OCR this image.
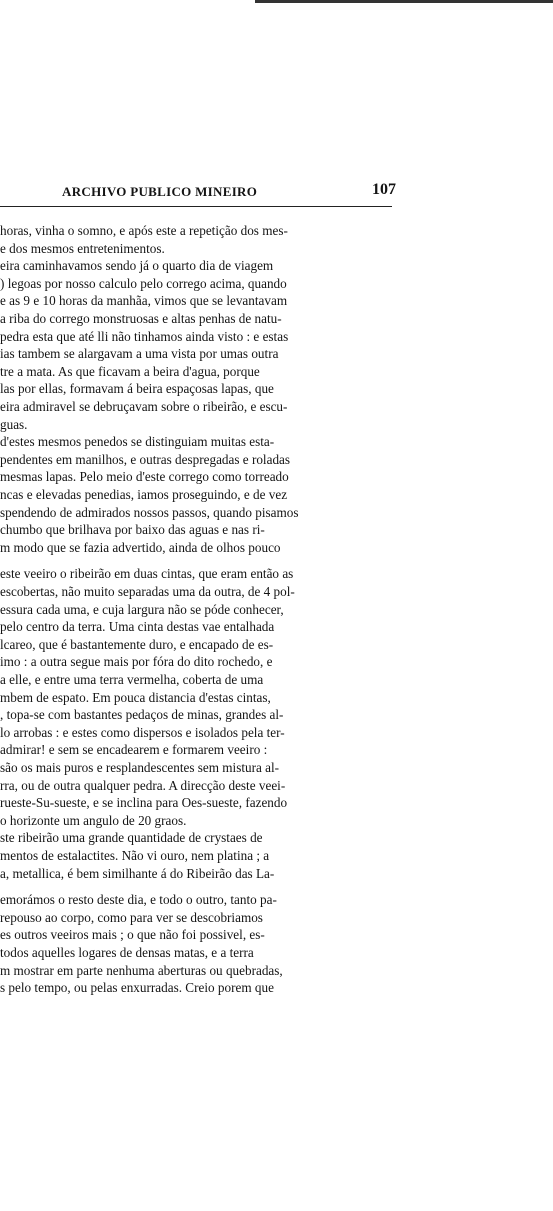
ARCHIVO PUBLICO MINEIRO	107
horas, vinha o somno, e após este a repetição dos mes-
e dos mesmos entretenimentos.
eira caminhavamos sendo já o quarto dia de viagem
) legoas por nosso calculo pelo corrego acima, quando
e as 9 e 10 horas da manhãa, vimos que se levantavam
a riba do corrego monstruosas e altas penhas de natu-
pedra esta que até lli não tinhamos ainda visto : e estas
ias tambem se alargavam a uma vista por umas outra
tre a mata. As que ficavam a beira d'agua, porque
las por ellas, formavam á beira espaçosas lapas, que
eira admiravel se debruçavam sobre o ribeirão, e escu-
guas.
d'estes mesmos penedos se distinguiam muitas esta-
pendentes em manilhos, e outras despregadas e roladas
mesmas lapas. Pelo meio d'este corrego como torreado
ncas e elevadas penedias, iamos proseguindo, e de vez
spendendo de admirados nossos passos, quando pisamos
chumbo que brilhava por baixo das aguas e nas ri-
m modo que se fazia advertido, ainda de olhos pouco
este veeiro o ribeirão em duas cintas, que eram então as
escobertas, não muito separadas uma da outra, de 4 pol-
essura cada uma, e cuja largura não se póde conhecer,
pelo centro da terra. Uma cinta destas vae entalhada
lcareo, que é bastantemente duro, e encapado de es-
imo : a outra segue mais por fóra do dito rochedo, e
a elle, e entre uma terra vermelha, coberta de uma
mbem de espato. Em pouca distancia d'estas cintas,
, topa-se com bastantes pedaços de minas, grandes al-
lo arrobas : e estes como dispersos e isolados pela ter-
admirar! e sem se encadearem e formarem veeiro :
são os mais puros e resplandescentes sem mistura al-
rra, ou de outra qualquer pedra. A direcção deste veei-
rueste-Su-sueste, e se inclina para Oes-sueste, fazendo
o horizonte um angulo de 20 graos.
ste ribeirão uma grande quantidade de crystaes de
mentos de estalactites. Não vi ouro, nem platina ; a
a, metallica, é bem similhante á do Ribeirão das La-
emorámos o resto deste dia, e todo o outro, tanto pa-
repouso ao corpo, como para ver se descobriamos
es outros veeiros mais ; o que não foi possivel, es-
todos aquelles logares de densas matas, e a terra
m mostrar em parte nenhuma aberturas ou quebradas,
s pelo tempo, ou pelas enxurradas. Creio porem que
